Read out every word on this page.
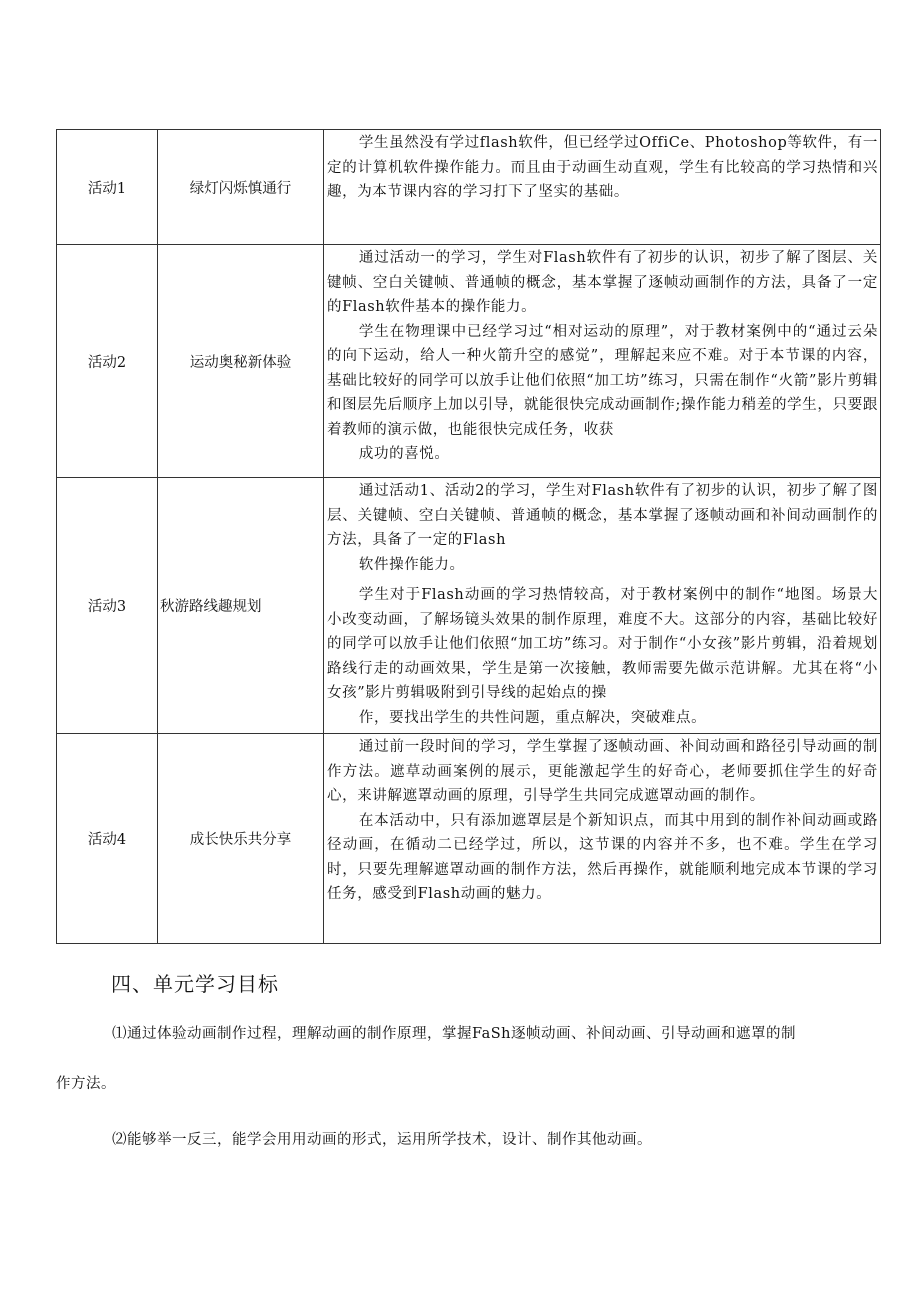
活动1	绿灯闪烁慎通行	学生虽然没有学过flash软件，但已经学过OffiCe、Photoshop等软件，有一定的计算机软件操作能力。而且由于动画生动直观，学生有比较高的学习热情和兴趣，为本节课内容的学习打下了坚实的基础。

活动2	运动奥秘新体验	通过活动一的学习，学生对Flash软件有了初步的认识，初步了解了图层、关键帧、空白关键帧、普通帧的概念，基本掌握了逐帧动画制作的方法，具备了一定的Flash软件基本的操作能力。

学生在物理课中已经学习过“相对运动的原理”，对于教材案例中的“通过云朵的向下运动，给人一种火箭升空的感觉”，理解起来应不难。对于本节课的内容，基础比较好的同学可以放手让他们依照“加工坊”练习，只需在制作“火箭”影片剪辑和图层先后顺序上加以引导，就能很快完成动画制作;操作能力稍差的学生，只要跟着教师的演示做，也能很快完成任务，收获

成功的喜悦。

活动3	秋游路线趣规划	通过活动1、活动2的学习，学生对Flash软件有了初步的认识，初步了解了图层、关键帧、空白关键帧、普通帧的概念，基本掌握了逐帧动画和补间动画制作的方法，具备了一定的Flash

软件操作能力。

学生对于Flash动画的学习热情较高，对于教材案例中的制作“地图。场景大小改变动画，了解场镜头效果的制作原理，难度不大。这部分的内容，基础比较好的同学可以放手让他们依照“加工坊”练习。对于制作“小女孩”影片剪辑，沿着规划路线行走的动画效果，学生是第一次接触，教师需要先做示范讲解。尤其在将“小女孩”影片剪辑吸附到引导线的起始点的操

作，要找出学生的共性问题，重点解决，突破难点。

活动4	成长快乐共分享	通过前一段时间的学习，学生掌握了逐帧动画、补间动画和路径引导动画的制作方法。遮草动画案例的展示，更能激起学生的好奇心，老师要抓住学生的好奇心，来讲解遮罩动画的原理，引导学生共同完成遮罩动画的制作。

在本活动中，只有添加遮罩层是个新知识点，而其中用到的制作补间动画或路径动画，在循动二已经学过，所以，这节课的内容并不多，也不难。学生在学习时，只要先理解遮罩动画的制作方法，然后再操作，就能顺利地完成本节课的学习任务，感受到Flash动画的魅力。

四、单元学习目标

⑴通过体验动画制作过程，理解动画的制作原理，掌握FaSh逐帧动画、补间动画、引导动画和遮罩的制

作方法。

⑵能够举一反三，能学会用用动画的形式，运用所学技术，设计、制作其他动画。
